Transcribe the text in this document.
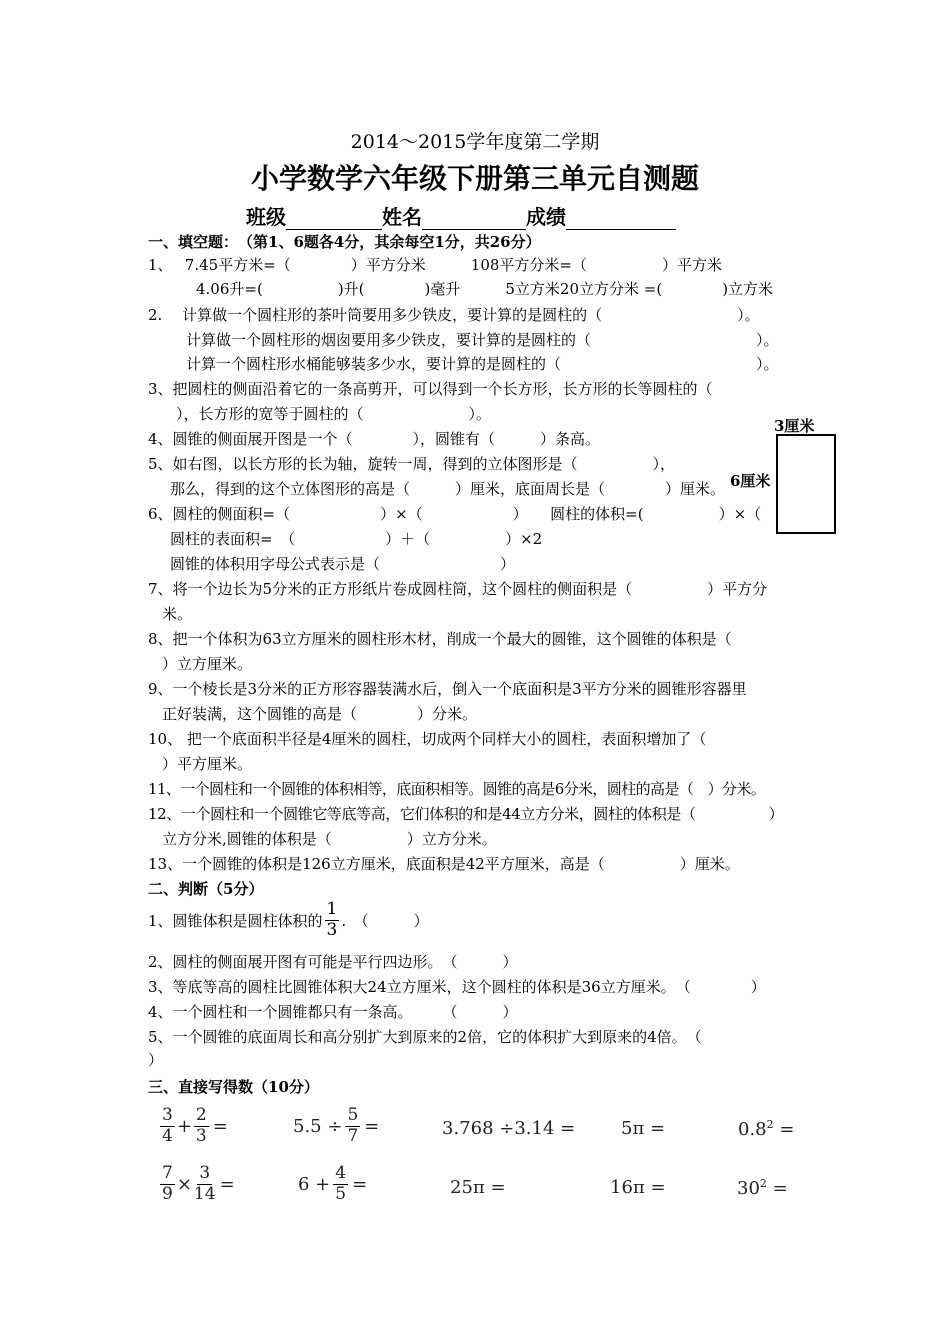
2014～2015学年度第二学期
小学数学六年级下册第三单元自测题
班级	姓名	成绩
一、填空题：　（第1、6题各4分，其余每空1分，共26分）
1、　 7.45平方米=（　　　　）平方分米　　　108平方分米=（　　　　　）平方米
4.06升=(　　　　　)升(　　　　)毫升　　　5立方米20立方分米 =(　　　　)立方米
2.　 计算做一个圆柱形的茶叶筒要用多少铁皮，要计算的是圆柱的（　　　　　　　　　）。
计算做一个圆柱形的烟囱要用多少铁皮，要计算的是圆柱的（　　　　　　　　　　　）。
计算一个圆柱形水桶能够装多少水，要计算的是圆柱的（　　　　　　　　　　　　　）。
3、把圆柱的侧面沿着它的一条高剪开，可以得到一个长方形，长方形的长等圆柱的（
），长方形的宽等于圆柱的（　　　　　　　）。
4、圆锥的侧面展开图是一个（　　　　），圆锥有（　　　）条高。
5、如右图，以长方形的长为轴，旋转一周，得到的立体图形是（　　　　　），
那么，得到的这个立体图形的高是（　　　）厘米，底面周长是（　　　　）厘米。
6、圆柱的侧面积=（　　　　　　）×（　　　　　　）　　圆柱的体积=(　　　　　）×（
圆柱的表面积=　（　　　　　　）＋（　　　　　）×2
圆锥的体积用字母公式表示是（　　　　　　　　）
7、将一个边长为5分米的正方形纸片卷成圆柱筒，这个圆柱的侧面积是（　　　　　）平方分
米。
8、把一个体积为63立方厘米的圆柱形木材，削成一个最大的圆锥，这个圆锥的体积是（
）立方厘米。
9、一个棱长是3分米的正方形容器装满水后，倒入一个底面积是3平方分米的圆锥形容器里
正好装满，这个圆锥的高是（　　　　）分米。
10、 把一个底面积半径是4厘米的圆柱，切成两个同样大小的圆柱，表面积增加了（
）平方厘米。
11、一个圆柱和一个圆锥的体积相等，底面积相等。圆锥的高是6分米，圆柱的高是（　）分米。
12、一个圆柱和一个圆锥它等底等高，它们体积的和是44立方分米，圆柱的体积是（　　　　　）
立方分米,圆锥的体积是（　　　　　）立方分米。
13、一个圆锥的体积是126立方厘米，底面积是42平方厘米，高是（　　　　　）厘米。
3厘米
6厘米
二、判断（5分）
1、圆锥体积是圆柱体积的 $\frac{1}{3}$ .　（　　　）
2、圆柱的侧面展开图有可能是平行四边形。　（　　　）
3、等底等高的圆柱比圆锥体积大24立方厘米，这个圆柱的体积是36立方厘米。　（　　　　）
4、一个圆柱和一个圆锥都只有一条高。　　　（　　　）
5、一个圆锥的底面周长和高分别扩大到原来的2倍，它的体积扩大到原来的4倍。　（
）
三、直接写得数（10分）
$\frac{3}{4} + \frac{2}{3}$ =	$5.5 \div \frac{5}{7}$ =	3.768 ÷3.14 =	5π =	$0.8^2$ =
$\frac{7}{9} \times \frac{3}{14}$ =	$6 + \frac{4}{5}$ =	25π =	16π =	$30^2$ =
